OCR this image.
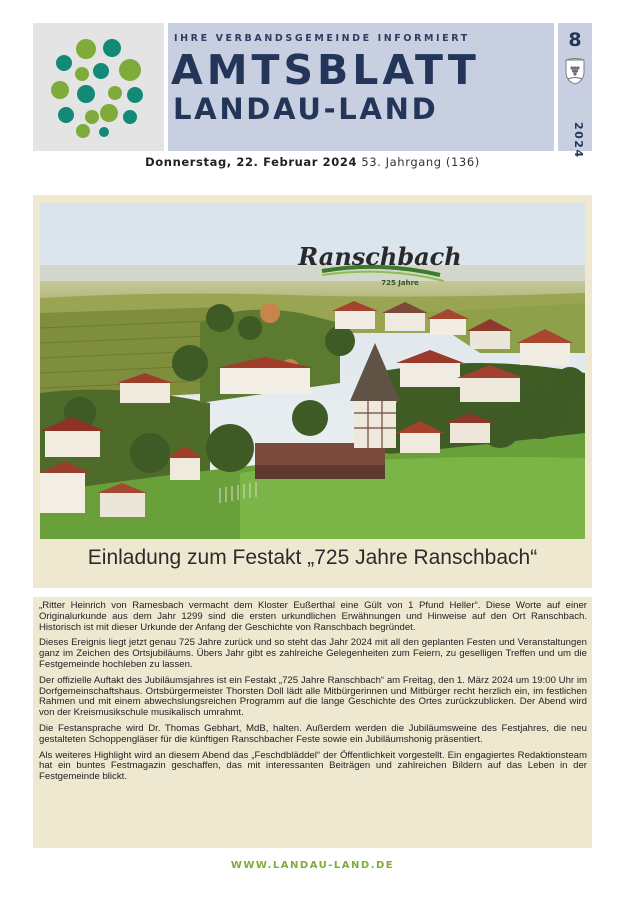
IHRE VERBANDSGEMEINDE INFORMIERT
AMTSBLATT
LANDAU-LAND
8
2024
Donnerstag, 22. Februar 2024 53. Jahrgang (136)
Ranschbach
725 Jahre
Einladung zum Festakt „725 Jahre Ranschbach“

„Ritter Heinrich von Ramesbach vermacht dem Kloster Eußerthal eine Gült von 1 Pfund Heller“. Diese Worte auf einer Originalurkunde aus dem Jahr 1299 sind die ersten urkundlichen Erwähnungen und Hinweise auf den Ort Ranschbach. Historisch ist mit dieser Urkunde der Anfang der Geschichte von Ranschbach begründet.

Dieses Ereignis liegt jetzt genau 725 Jahre zurück und so steht das Jahr 2024 mit all den geplanten Festen und Veranstaltungen ganz im Zeichen des Ortsjubiläums. Übers Jahr gibt es zahlreiche Gelegenheiten zum Feiern, zu geselligen Treffen und um die Festgemeinde hochleben zu lassen.

Der offizielle Auftakt des Jubiläumsjahres ist ein Festakt „725 Jahre Ranschbach“ am Freitag, den 1. März 2024 um 19:00 Uhr im Dorfgemeinschaftshaus. Ortsbürgermeister Thorsten Doll lädt alle Mitbürgerinnen und Mitbürger recht herzlich ein, im festlichen Rahmen und mit einem abwechslungsreichen Programm auf die lange Geschichte des Ortes zurückzublicken. Der Abend wird von der Kreismusikschule musikalisch umrahmt.

Die Festansprache wird Dr. Thomas Gebhart, MdB, halten. Außerdem werden die Jubiläumsweine des Festjahres, die neu gestalteten Schoppengläser für die künftigen Ranschbacher Feste sowie ein Jubiläumshonig präsentiert.

Als weiteres Highlight wird an diesem Abend das „Feschdbläddel“ der Öffentlichkeit vorgestellt. Ein engagiertes Redaktionsteam hat ein buntes Festmagazin geschaffen, das mit interessanten Beiträgen und zahlreichen Bildern auf das Leben in der Festgemeinde blickt.

WWW.LANDAU-LAND.DE
